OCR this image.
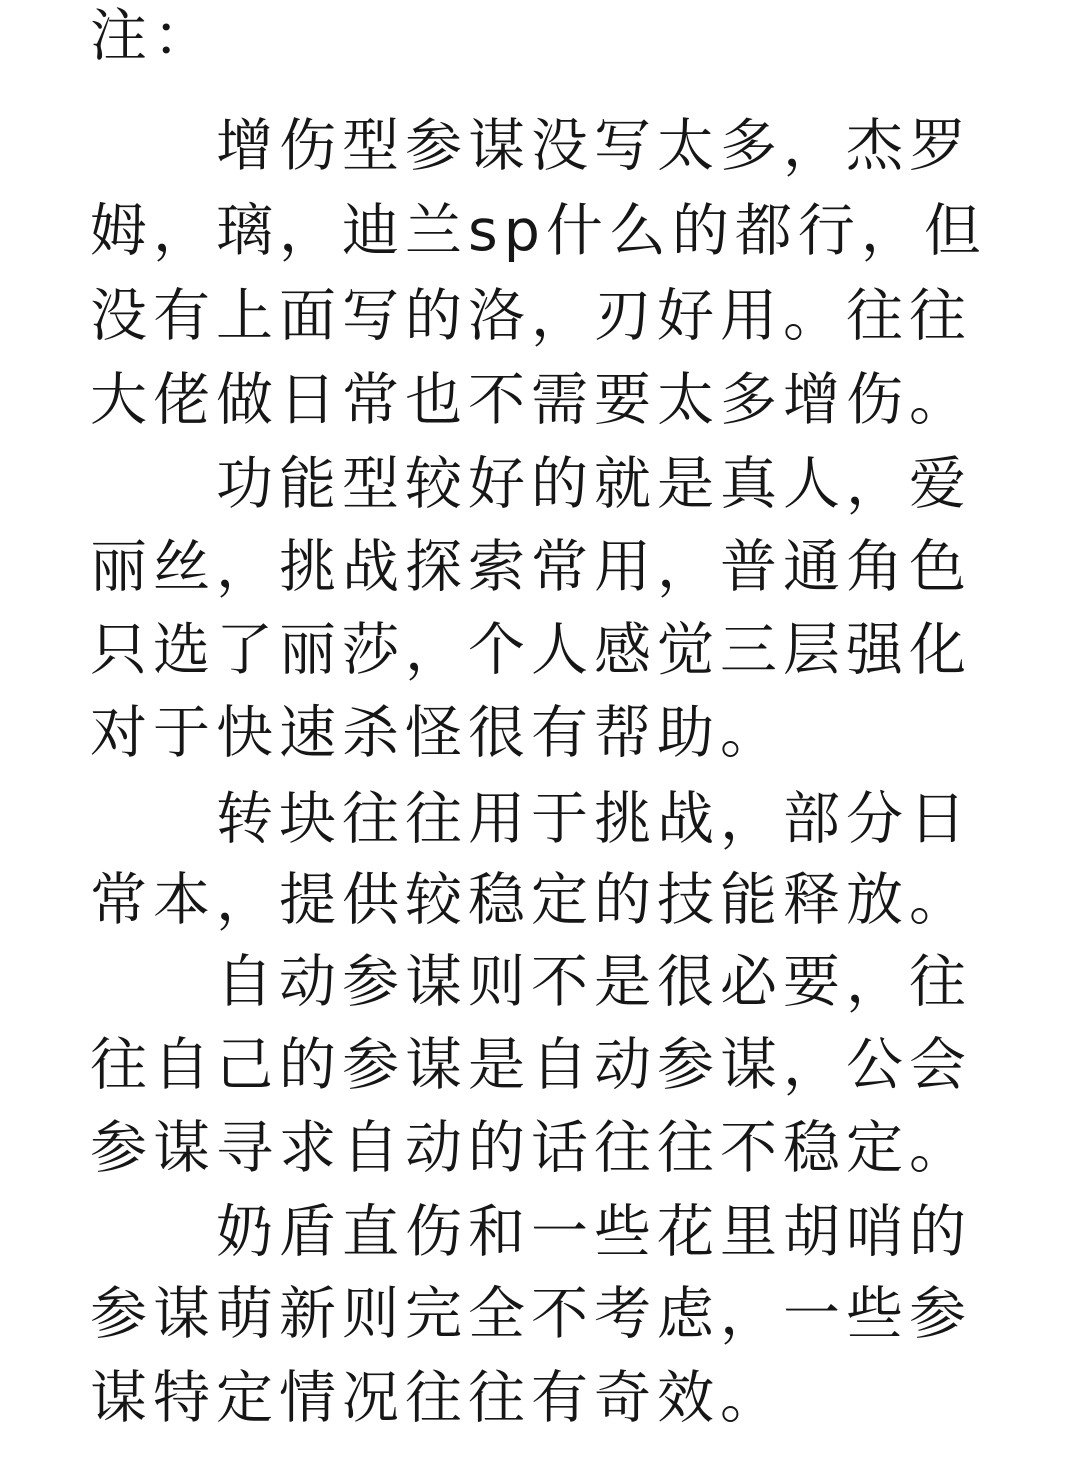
注：
增伤型参谋没写太多，杰罗
姆，璃，迪兰sp什么的都行，但
没有上面写的洛，刃好用。往往
大佬做日常也不需要太多增伤。
功能型较好的就是真人，爱
丽丝，挑战探索常用，普通角色
只选了丽莎，个人感觉三层强化
对于快速杀怪很有帮助。
转块往往用于挑战，部分日
常本，提供较稳定的技能释放。
自动参谋则不是很必要，往
往自己的参谋是自动参谋，公会
参谋寻求自动的话往往不稳定。
奶盾直伤和一些花里胡哨的
参谋萌新则完全不考虑，一些参
谋特定情况往往有奇效。
